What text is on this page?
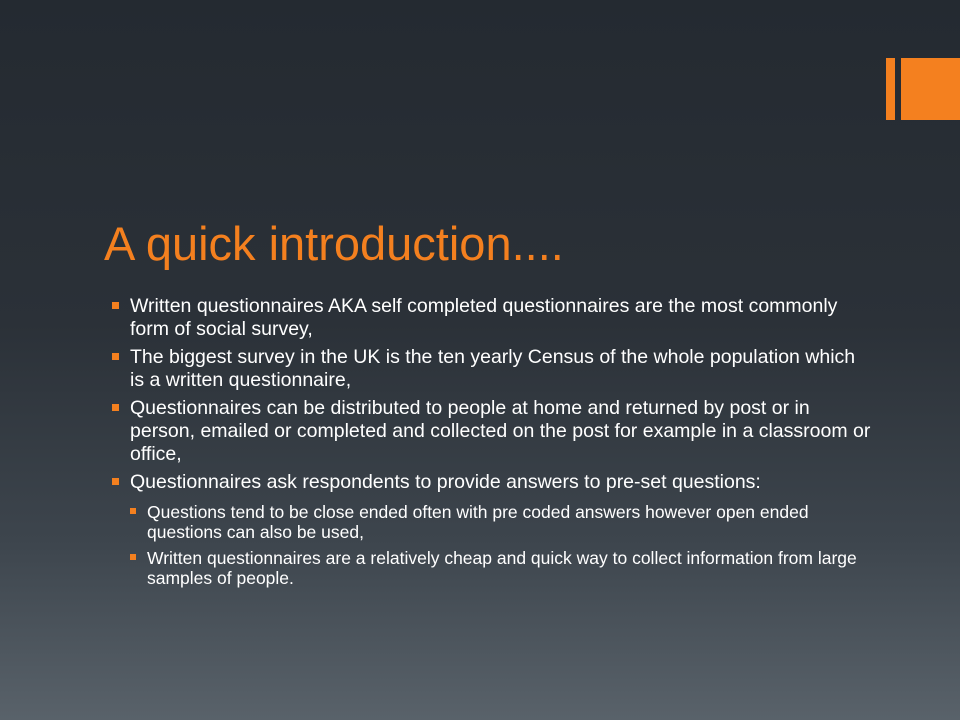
A quick introduction....
Written questionnaires AKA self completed questionnaires are the most commonly form of social survey,
The biggest survey in the UK is the ten yearly Census of the whole population which is a written questionnaire,
Questionnaires can be distributed to people at home and returned by post or in person, emailed or completed and collected on the post for example in a classroom or office,
Questionnaires ask respondents to provide answers to pre-set questions:
Questions tend to be close ended often with pre coded answers however open ended questions can also be used,
Written questionnaires are a relatively cheap and quick way to collect information from large samples of people.
